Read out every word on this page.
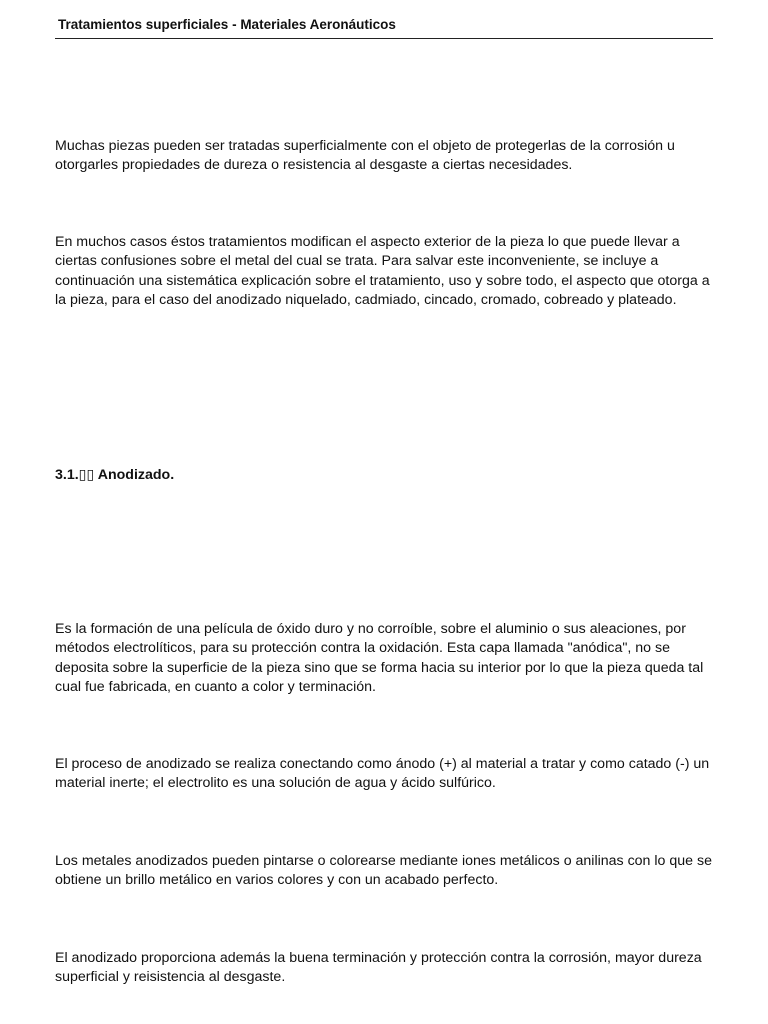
Tratamientos superficiales - Materiales Aeronáuticos

Muchas piezas pueden ser tratadas superficialmente con el objeto de protegerlas de la corrosión u otorgarles propiedades de dureza o resistencia al desgaste a ciertas necesidades.

En muchos casos éstos tratamientos modifican el aspecto exterior de la pieza lo que puede llevar a ciertas confusiones sobre el metal del cual se trata. Para salvar este inconveniente, se incluye a continuación una sistemática explicación sobre el tratamiento, uso y sobre todo, el aspecto que otorga a la pieza, para el caso del anodizado niquelado, cadmiado, cincado, cromado, cobreado y plateado.

3.1.▯▯ Anodizado.

Es la formación de una película de óxido duro y no corroíble, sobre el aluminio o sus aleaciones, por métodos electrolíticos, para su protección contra la oxidación. Esta capa llamada "anódica", no se deposita sobre la superficie de la pieza sino que se forma hacia su interior por lo que la pieza queda tal cual fue fabricada, en cuanto a color y terminación.

El proceso de anodizado se realiza conectando como ánodo (+) al material a tratar y como catado (-) un material inerte; el electrolito es una solución de agua y ácido sulfúrico.

Los metales anodizados pueden pintarse o colorearse mediante iones metálicos o anilinas con lo que se obtiene un brillo metálico en varios colores y con un acabado perfecto.

El anodizado proporciona además la buena terminación y protección contra la corrosión, mayor dureza superficial y reisistencia al desgaste.
